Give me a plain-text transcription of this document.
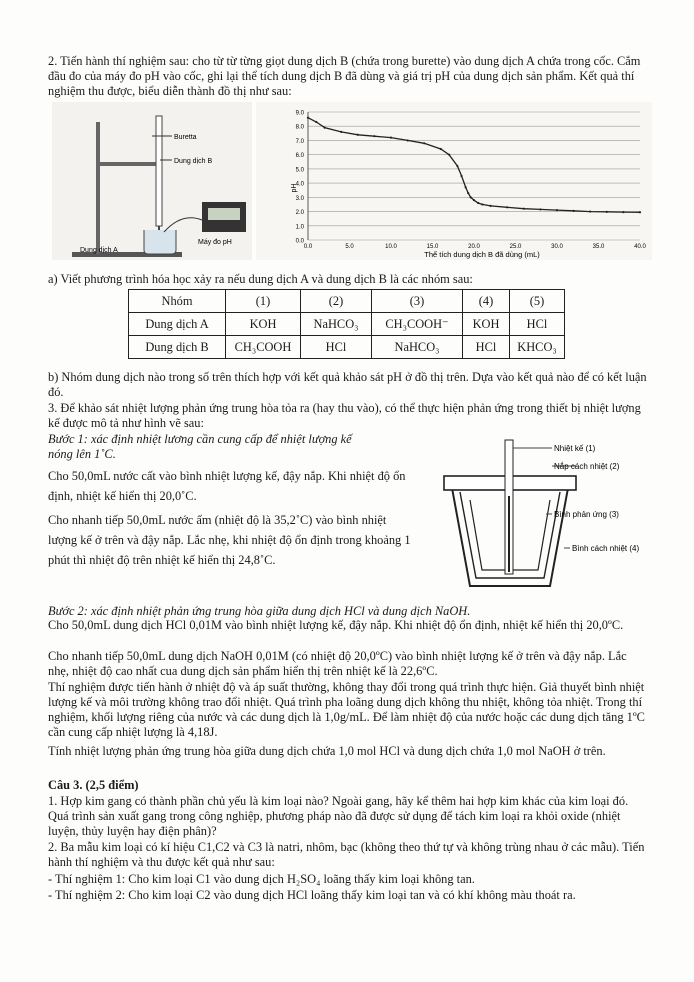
2. Tiến hành thí nghiệm sau: cho từ từ từng giọt dung dịch B (chứa trong burette) vào dung dịch A chứa trong cốc. Cắm đầu đo của máy đo pH vào cốc, ghi lại thể tích dung dịch B đã dùng và giá trị pH của dung dịch sản phẩm. Kết quả thí nghiệm thu được, biểu diễn thành đồ thị như sau:

Buretta
Dung dịch B
Dung dịch A
Máy đo pH	0.0
1.0
2.0
3.0
4.0
5.0
6.0
7.0
8.0
9.0
0.0	5.0	10.0	15.0	20.0	25.0	30.0	35.0	40.0
pH
Thể tích dung dịch B đã dùng (mL)

a) Viết phương trình hóa học xảy ra nếu dung dịch A và dung dịch B là các nhóm sau:

Nhóm	(1)	(2)	(3)	(4)	(5)
Dung dịch A	KOH	NaHCO₃	CH₃COOH⁻	KOH	HCl
Dung dịch B	CH₃COOH	HCl	NaHCO₃	HCl	KHCO₃

b) Nhóm dung dịch nào trong số trên thích hợp với kết quả khảo sát pH ở đồ thị trên. Dựa vào kết quả nào để có kết luận đó.

3. Để khảo sát nhiệt lượng phản ứng trung hòa tỏa ra (hay thu vào), có thể thực hiện phản ứng trong thiết bị nhiệt lượng kế được mô tả như hình vẽ sau:

Bước 1: xác định nhiệt lương cần cung cấp để nhiệt lượng kế nóng lên 1˚C.

Cho 50,0mL nước cất vào bình nhiệt lượng kế, đậy nắp. Khi nhiệt độ ổn định, nhiệt kế hiển thị 20,0˚C.

Cho nhanh tiếp 50,0mL nước ấm (nhiệt độ là 35,2˚C) vào bình nhiệt lượng kế ở trên và đậy nắp. Lắc nhẹ, khi nhiệt độ ổn định trong khoảng 1 phút thì nhiệt độ trên nhiệt kế hiển thị 24,8˚C.

Nhiệt kế (1)
Nắp cách nhiệt (2)
Bình phản ứng (3)
Bình cách nhiệt (4)

Bước 2: xác định nhiệt phản ứng trung hòa giữa dung dịch HCl và dung dịch NaOH.

Cho 50,0mL dung dịch HCl 0,01M vào bình nhiệt lượng kế, đậy nắp. Khi nhiệt độ ổn định, nhiệt kế hiển thị 20,0ºC.

Cho nhanh tiếp 50,0mL dung dịch NaOH 0,01M (có nhiệt độ 20,0ºC) vào bình nhiệt lượng kế ở trên và đậy nắp. Lắc nhẹ, nhiệt độ cao nhất cua dung dịch sản phẩm hiển thị trên nhiệt kế là 22,6ºC.

Thí nghiệm được tiến hành ở nhiệt độ và áp suất thường, không thay đổi trong quá trình thực hiện. Giả thuyết bình nhiệt lượng kế và môi trường không trao đổi nhiệt. Quá trình pha loãng dung dịch không thu nhiệt, không tỏa nhiệt. Trong thí nghiệm, khối lượng riêng của nước và các dung dịch là 1,0g/mL. Để làm nhiệt độ của nước hoặc các dung dịch tăng 1ºC cần cung cấp nhiệt lượng là 4,18J.

Tính nhiệt lượng phản ứng trung hòa giữa dung dịch chứa 1,0 mol HCl và dung dịch chứa 1,0 mol NaOH ở trên.

Câu 3. (2,5 điểm)

1. Hợp kim gang có thành phần chủ yếu là kim loại nào? Ngoài gang, hãy kể thêm hai hợp kim khác của kim loại đó. Quá trình sản xuất gang trong công nghiệp, phương pháp nào đã được sử dụng để tách kim loại ra khỏi oxide (nhiệt luyện, thủy luyện hay điện phân)?

2. Ba mẫu kim loại có kí hiệu C1,C2 và C3 là natri, nhôm, bạc (không theo thứ tự và không trùng nhau ở các mẫu). Tiến hành thí nghiệm và thu được kết quả như sau:

- Thí nghiệm 1: Cho kim loại C1 vào dung dịch H₂SO₄ loãng thấy kim loại không tan.

- Thí nghiệm 2: Cho kim loại C2 vào dung dịch HCl loãng thấy kim loại tan và có khí không màu thoát ra.
